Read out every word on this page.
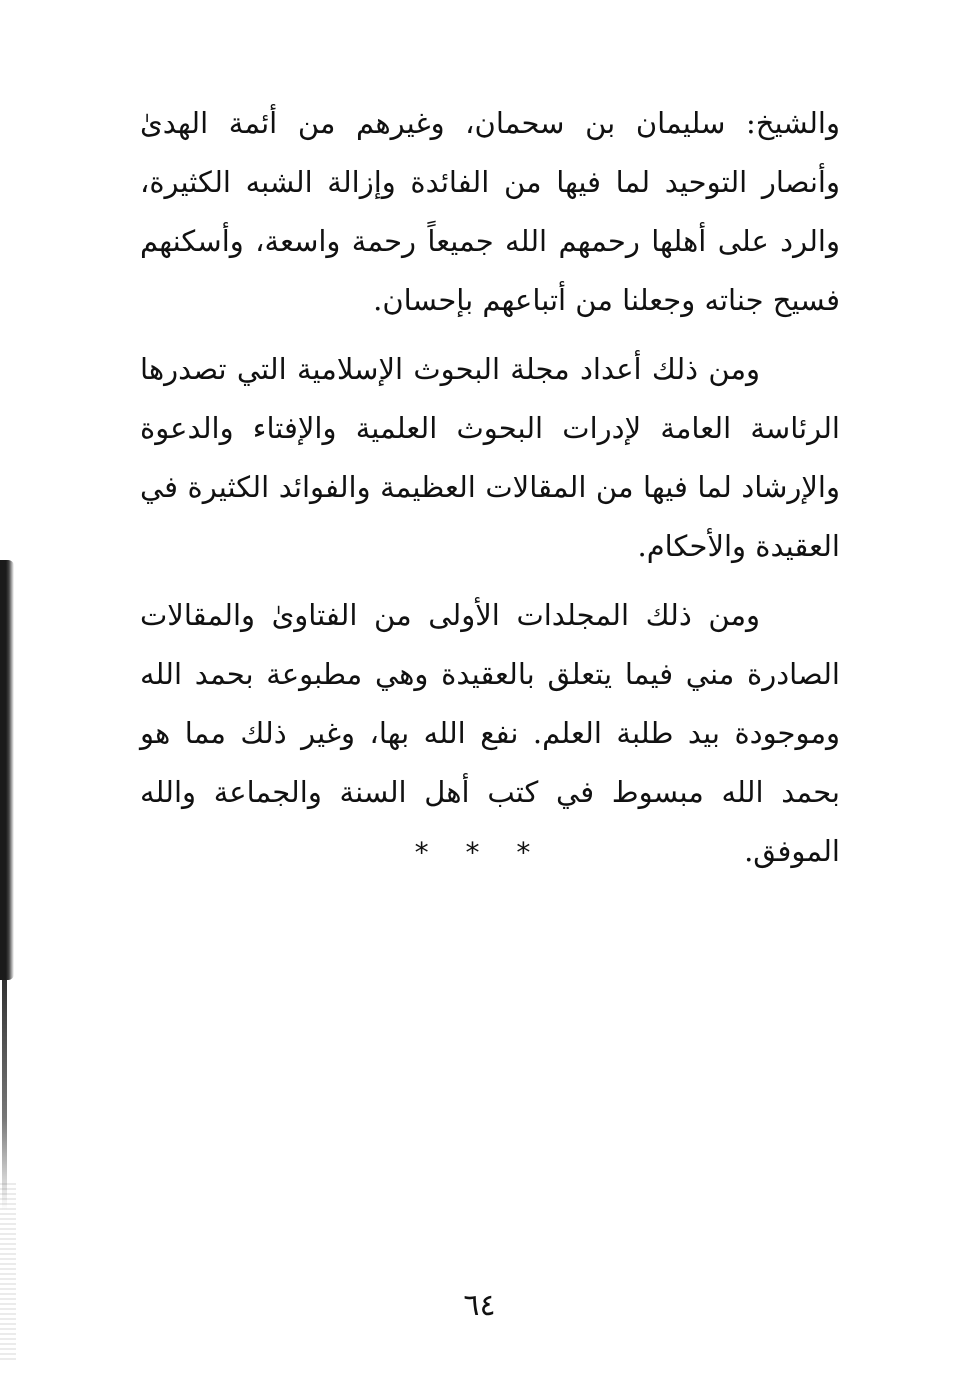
والشيخ: سليمان بن سحمان، وغيرهم من أئمة الهدىٰ وأنصار التوحيد لما فيها من الفائدة وإزالة الشبه الكثيرة، والرد على أهلها رحمهم الله جميعاً رحمة واسعة، وأسكنهم فسيح جناته وجعلنا من أتباعهم بإحسان.

ومن ذلك أعداد مجلة البحوث الإسلامية التي تصدرها الرئاسة العامة لإدرات البحوث العلمية والإفتاء والدعوة والإرشاد لما فيها من المقالات العظيمة والفوائد الكثيرة في العقيدة والأحكام.

ومن ذلك المجلدات الأولى من الفتاوىٰ والمقالات الصادرة مني فيما يتعلق بالعقيدة وهي مطبوعة بحمد الله وموجودة بيد طلبة العلم. نفع الله بها، وغير ذلك مما هو بحمد الله مبسوط في كتب أهل السنة والجماعة والله الموفق.

* * *
٦٤
